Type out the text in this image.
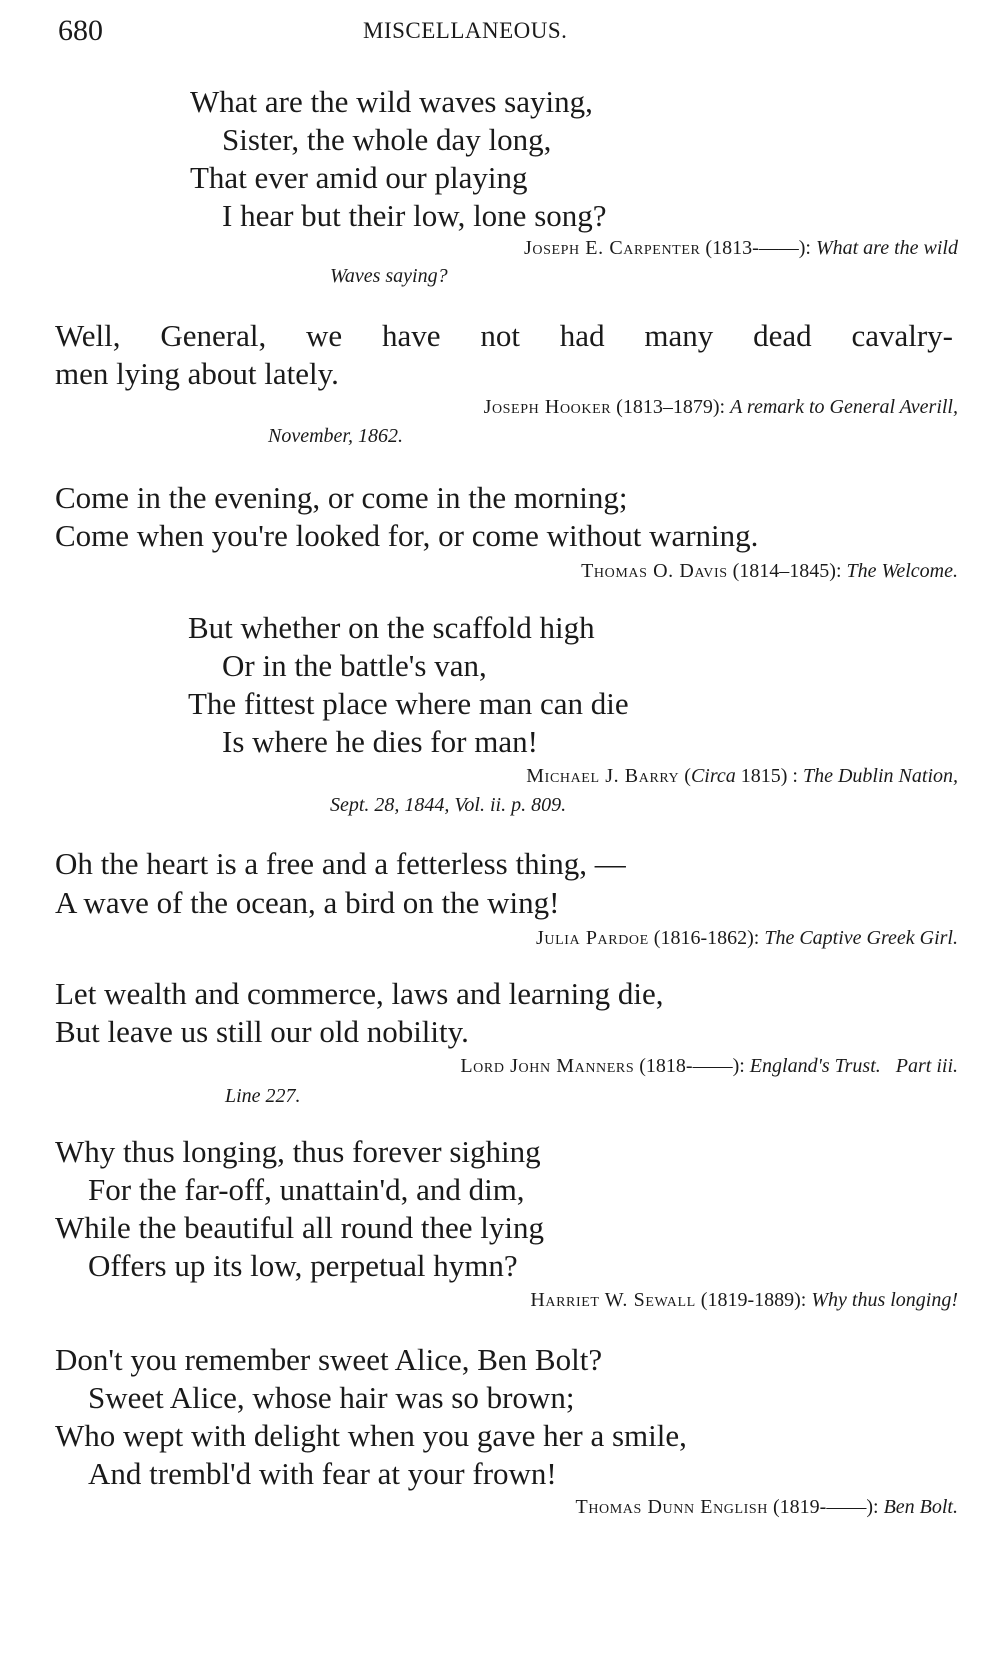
680	MISCELLANEOUS.
What are the wild waves saying,
Sister, the whole day long,
That ever amid our playing
I hear but their low, lone song?
Joseph E. Carpenter (1813-——): What are the wild
Waves saying?
Well, General, we have not had many dead cavalry-
men lying about lately.
Joseph Hooker (1813–1879): A remark to General Averill,
November, 1862.
Come in the evening, or come in the morning;
Come when you're looked for, or come without warning.
Thomas O. Davis (1814–1845): The Welcome.
But whether on the scaffold high
Or in the battle's van,
The fittest place where man can die
Is where he dies for man!
Michael J. Barry (Circa 1815) : The Dublin Nation,
Sept. 28, 1844, Vol. ii. p. 809.
Oh the heart is a free and a fetterless thing, —
A wave of the ocean, a bird on the wing!
Julia Pardoe (1816-1862): The Captive Greek Girl.
Let wealth and commerce, laws and learning die,
But leave us still our old nobility.
Lord John Manners (1818-——): England's Trust.   Part iii.
Line 227.
Why thus longing, thus forever sighing
For the far-off, unattain'd, and dim,
While the beautiful all round thee lying
Offers up its low, perpetual hymn?
Harriet W. Sewall (1819-1889): Why thus longing!
Don't you remember sweet Alice, Ben Bolt?
Sweet Alice, whose hair was so brown;
Who wept with delight when you gave her a smile,
And trembl'd with fear at your frown!
Thomas Dunn English (1819-——): Ben Bolt.
